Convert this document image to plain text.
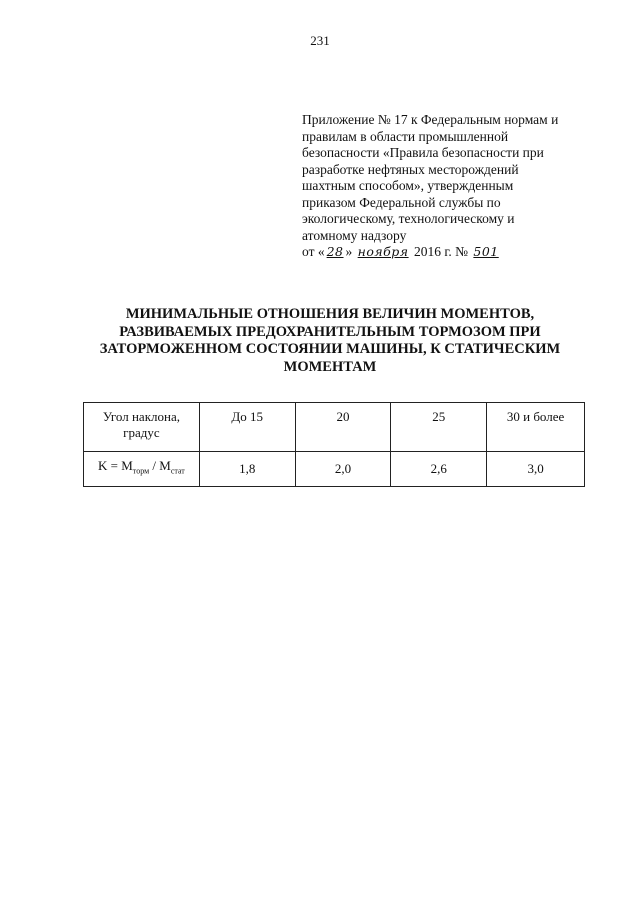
231
Приложение № 17 к Федеральным нормам и
правилам в области промышленной
безопасности «Правила безопасности при
разработке нефтяных месторождений
шахтным способом», утвержденным
приказом Федеральной службы по
экологическому, технологическому и
атомному надзору
от « 28 » ноября 2016 г. № 501
МИНИМАЛЬНЫЕ ОТНОШЕНИЯ ВЕЛИЧИН МОМЕНТОВ,
РАЗВИВАЕМЫХ ПРЕДОХРАНИТЕЛЬНЫМ ТОРМОЗОМ ПРИ
ЗАТОРМОЖЕННОМ СОСТОЯНИИ МАШИНЫ, К СТАТИЧЕСКИМ
МОМЕНТАМ
Угол наклона,
градус	До 15	20	25	30 и более
$K = M_{торм} / M_{стат}$	1,8	2,0	2,6	3,0
